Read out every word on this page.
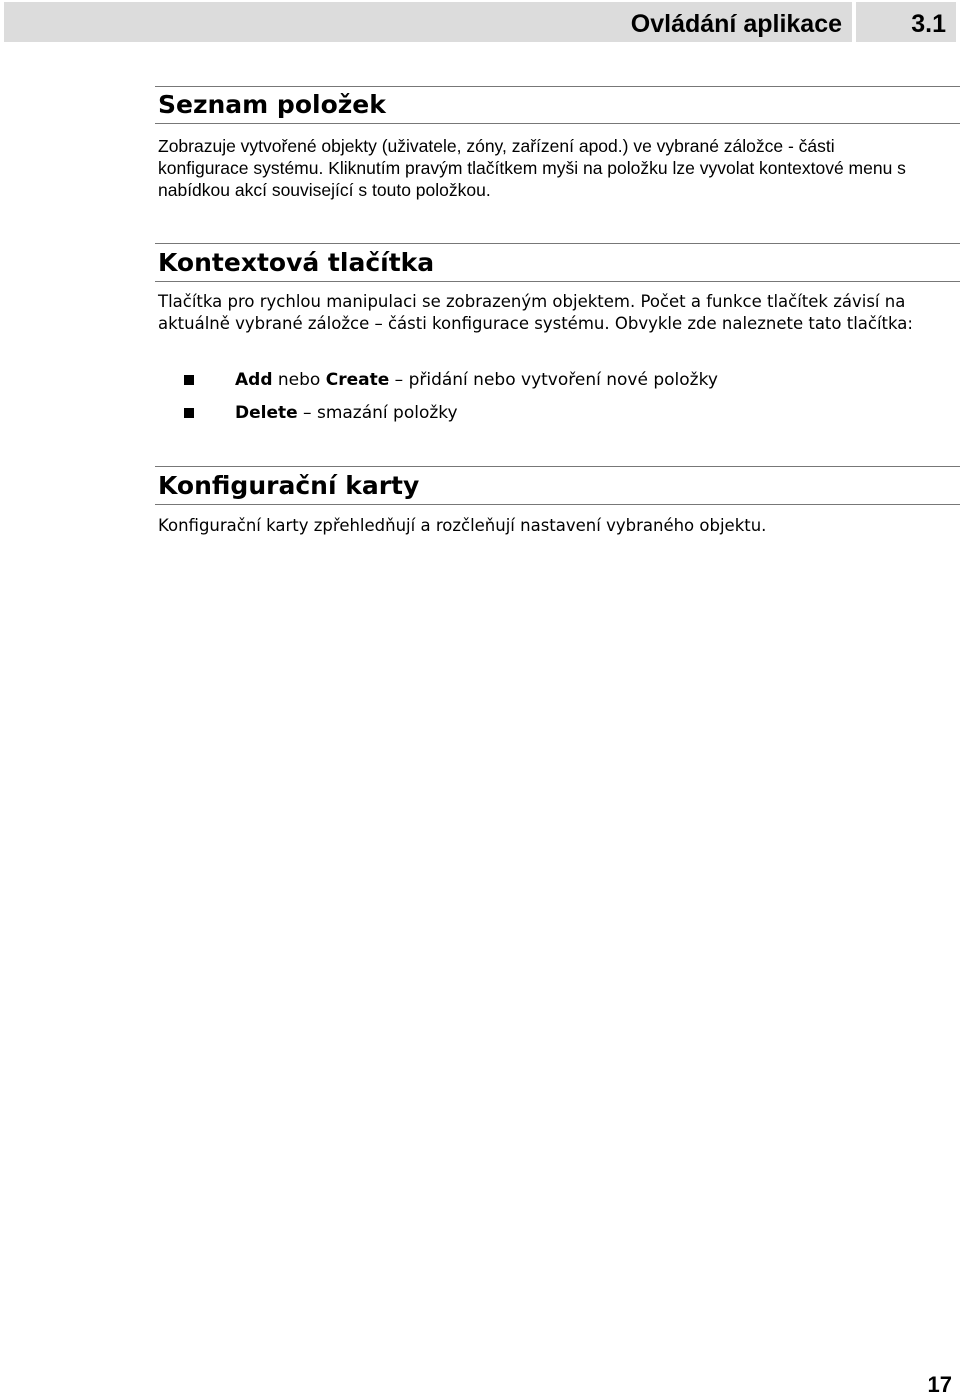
Ovládání aplikace	3.1
Seznam položek

Zobrazuje vytvořené objekty (uživatele, zóny, zařízení apod.) ve vybrané záložce - části konfigurace systému. Kliknutím pravým tlačítkem myši na položku lze vyvolat kontextové menu s nabídkou akcí související s touto položkou.

Kontextová tlačítka

Tlačítka pro rychlou manipulaci se zobrazeným objektem. Počet a funkce tlačítek závisí na aktuálně vybrané záložce – části konfigurace systému. Obvykle zde naleznete tato tlačítka:

Add nebo Create – přidání nebo vytvoření nové položky
Delete – smazání položky
Konfigurační karty

Konfigurační karty zpřehledňují a rozčleňují nastavení vybraného objektu.

17
